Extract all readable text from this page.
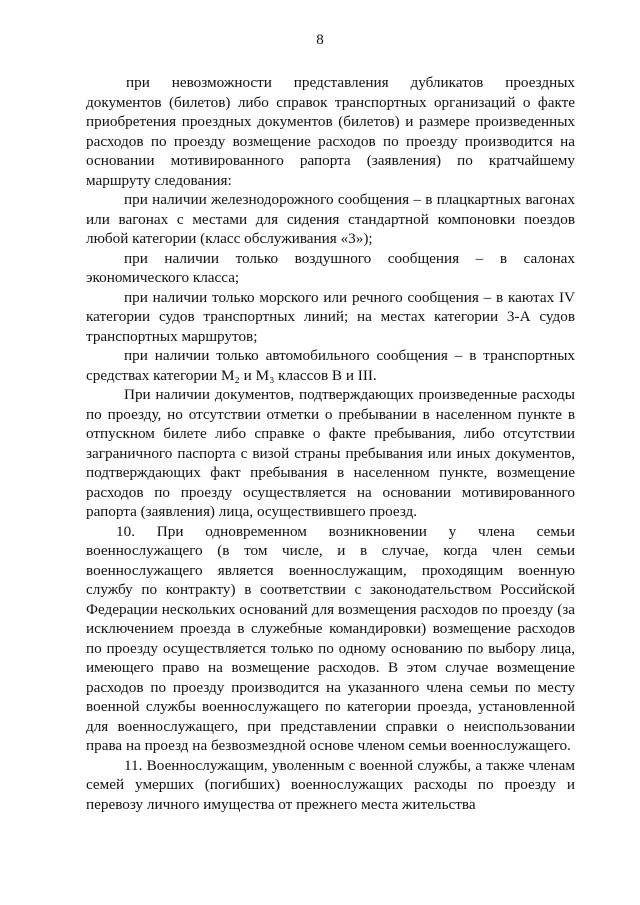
8

при невозможности представления дубликатов проездных документов (билетов) либо справок транспортных организаций о факте приобретения проездных документов (билетов) и размере произведенных расходов по проезду возмещение расходов по проезду производится на основании мотивированного рапорта (заявления) по кратчайшему маршруту следования:

при наличии железнодорожного сообщения – в плацкартных вагонах или вагонах с местами для сидения стандартной компоновки поездов любой категории (класс обслуживания «3»);

при наличии только воздушного сообщения – в салонах экономического класса;

при наличии только морского или речного сообщения – в каютах IV категории судов транспортных линий; на местах категории 3-А судов транспортных маршрутов;

при наличии только автомобильного сообщения – в транспортных средствах категории M₂ и M₃ классов В и III.

При наличии документов, подтверждающих произведенные расходы по проезду, но отсутствии отметки о пребывании в населенном пункте в отпускном билете либо справке о факте пребывания, либо отсутствии заграничного паспорта с визой страны пребывания или иных документов, подтверждающих факт пребывания в населенном пункте, возмещение расходов по проезду осуществляется на основании мотивированного рапорта (заявления) лица, осуществившего проезд.

10. При одновременном возникновении у члена семьи военнослужащего (в том числе, и в случае, когда член семьи военнослужащего является военнослужащим, проходящим военную службу по контракту) в соответствии с законодательством Российской Федерации нескольких оснований для возмещения расходов по проезду (за исключением проезда в служебные командировки) возмещение расходов по проезду осуществляется только по одному основанию по выбору лица, имеющего право на возмещение расходов. В этом случае возмещение расходов по проезду производится на указанного члена семьи по месту военной службы военнослужащего по категории проезда, установленной для военнослужащего, при представлении справки о неиспользовании права на проезд на безвозмездной основе членом семьи военнослужащего.

11. Военнослужащим, уволенным с военной службы, а также членам семей умерших (погибших) военнослужащих расходы по проезду и перевозу личного имущества от прежнего места жительства
